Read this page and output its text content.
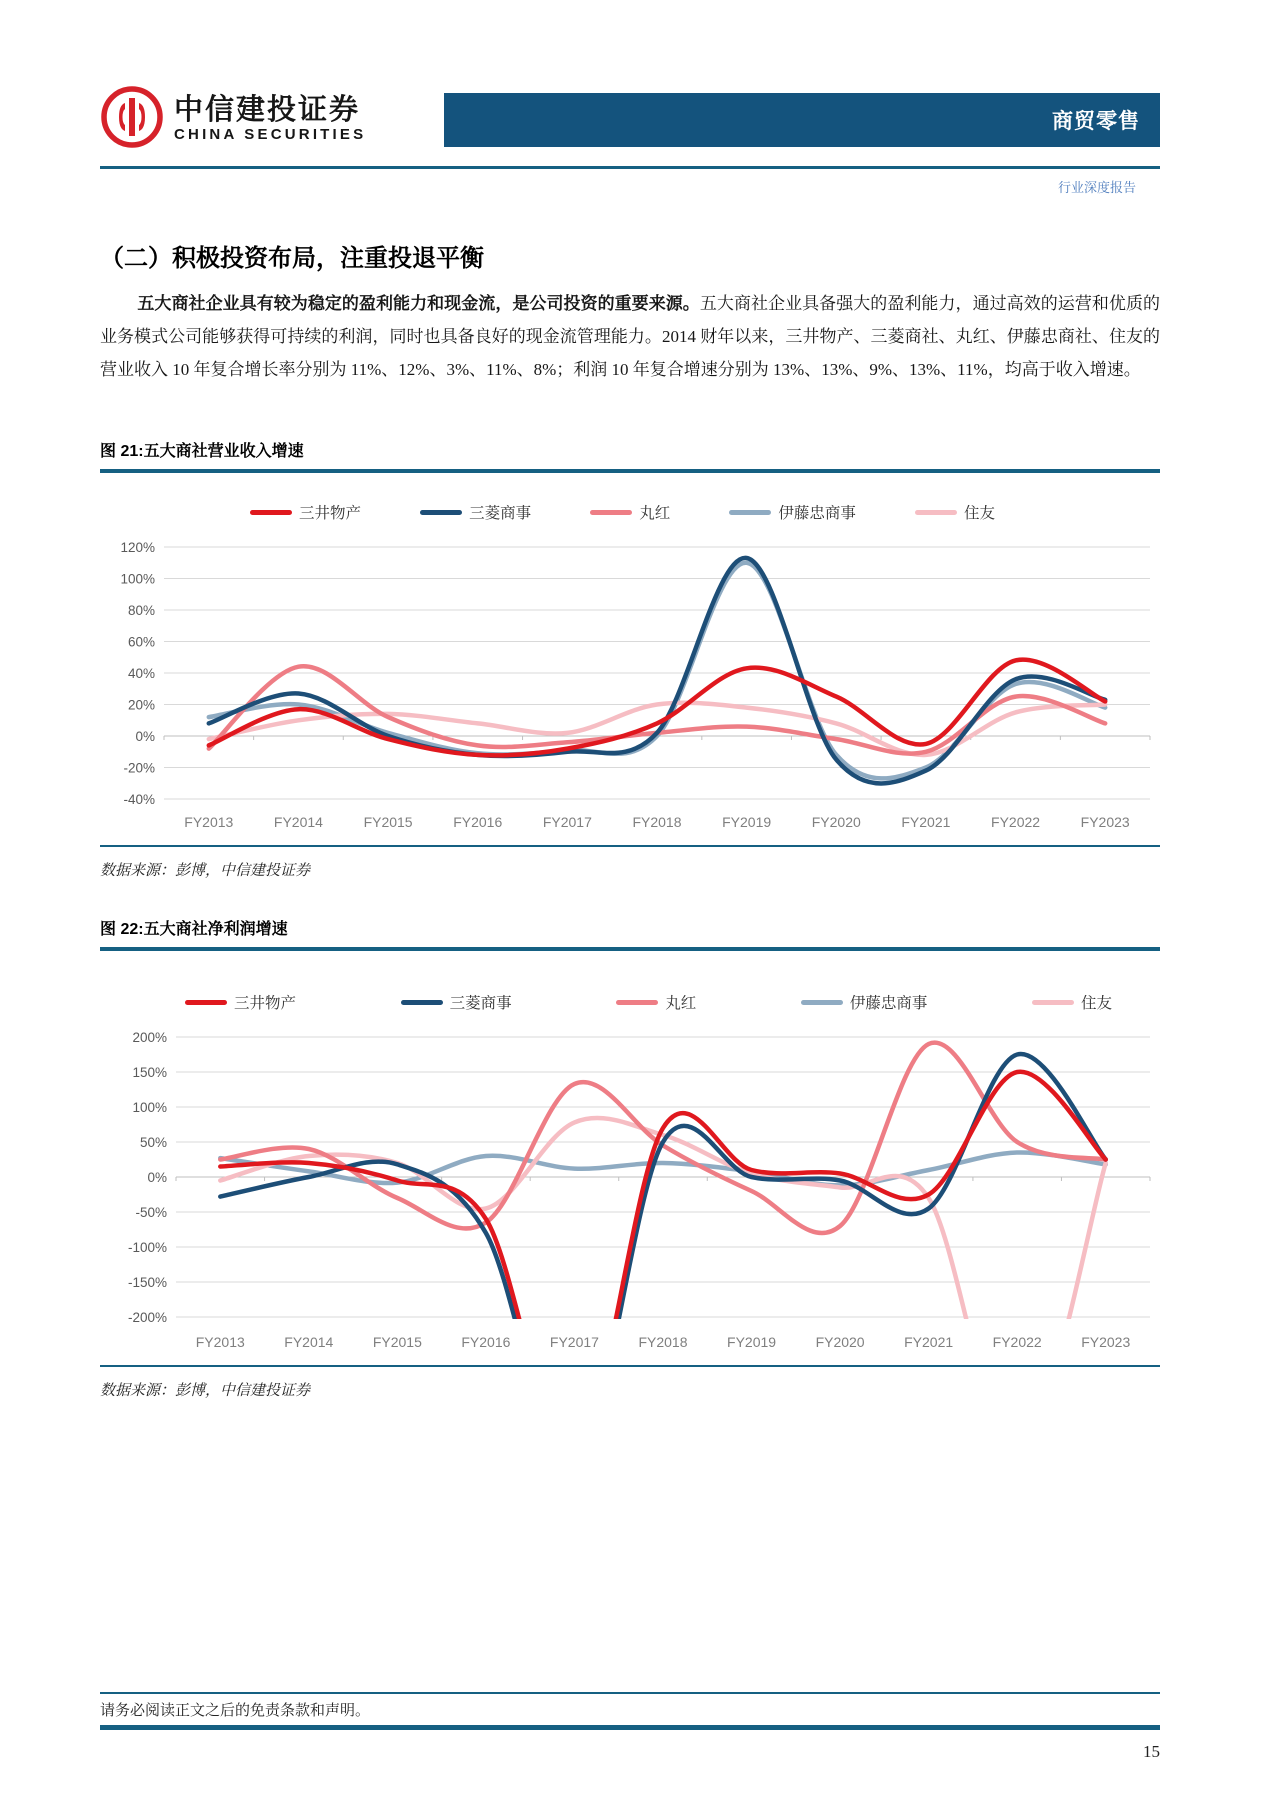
中信建投证券
CHINA SECURITIES
商贸零售
行业深度报告
（二）积极投资布局，注重投退平衡

五大商社企业具有较为稳定的盈利能力和现金流，是公司投资的重要来源。五大商社企业具备强大的盈利能力，通过高效的运营和优质的业务模式公司能够获得可持续的利润，同时也具备良好的现金流管理能力。2014 财年以来，三井物产、三菱商社、丸红、伊藤忠商社、住友的营业收入 10 年复合增长率分别为 11%、12%、3%、11%、8%；利润 10 年复合增速分别为 13%、13%、9%、13%、11%，均高于收入增速。

图 21:五大商社营业收入增速
三井物产	三菱商事	丸红	伊藤忠商事	住友
-40%
-20%
0%
20%
40%
60%
80%
100%
120%
FY2013	FY2014	FY2015	FY2016	FY2017	FY2018	FY2019	FY2020	FY2021	FY2022	FY2023
数据来源：彭博，中信建投证券
图 22:五大商社净利润增速
三井物产	三菱商事	丸红	伊藤忠商事	住友
-200%
-150%
-100%
-50%
0%
50%
100%
150%
200%
FY2013	FY2014	FY2015	FY2016	FY2017	FY2018	FY2019	FY2020	FY2021	FY2022	FY2023
数据来源：彭博，中信建投证券
请务必阅读正文之后的免责条款和声明。
15
